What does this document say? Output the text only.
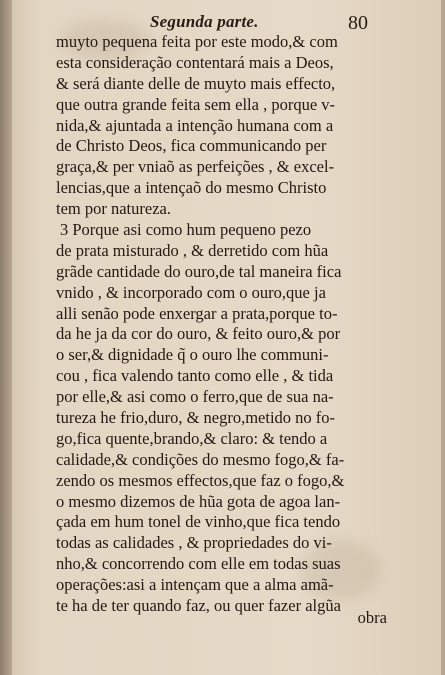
Segunda parte.	80
muyto pequena feita por este modo,& com
esta consideração contentará mais a Deos,
& será diante delle de muyto mais effecto,
que outra grande feita sem ella , porque v-
nida,& ajuntada a intenção humana com a
de Christo Deos, fica communicando per
graça,& per vniaõ as perfeições , & excel-
lencias,que a intençaõ do mesmo Christo
tem por natureza.
3 Porque asi como hum pequeno pezo
de prata misturado , & derretido com hũa
grãde cantidade do ouro,de tal maneira fica
vnido , & incorporado com o ouro,que ja
alli senão pode enxergar a prata,porque to-
da he ja da cor do ouro, & feito ouro,& por
o ser,& dignidade q̃ o ouro lhe communi-
cou , fica valendo tanto como elle , & tida
por elle,& asi como o ferro,que de sua na-
tureza he frio,duro, & negro,metido no fo-
go,fica quente,brando,& claro: & tendo a
calidade,& condições do mesmo fogo,& fa-
zendo os mesmos effectos,que faz o fogo,&
o mesmo dizemos de hũa gota de agoa lan-
çada em hum tonel de vinho,que fica tendo
todas as calidades , & propriedades do vi-
nho,& concorrendo com elle em todas suas
operações:asi a intençam que a alma amã-
te ha de ter quando faz, ou quer fazer algũa
obra
